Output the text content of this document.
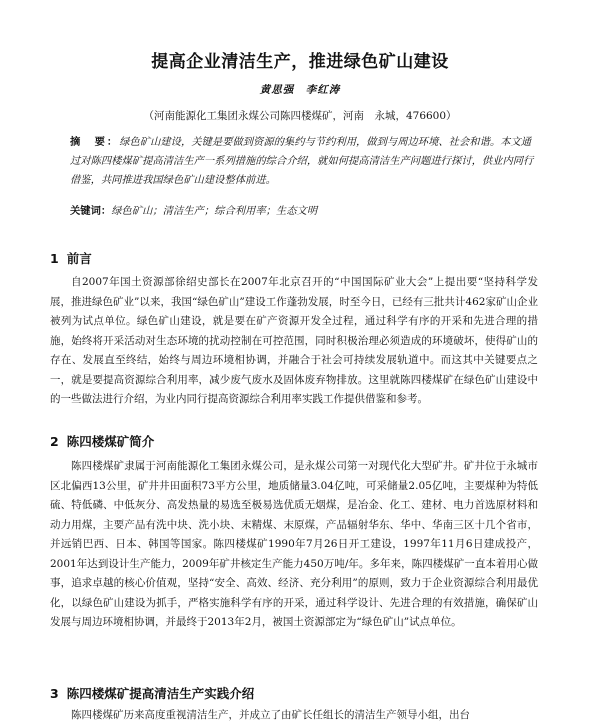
提高企业清洁生产，推进绿色矿山建设
黄思强　李红涛
（河南能源化工集团永煤公司陈四楼煤矿，河南　永城，476600）
摘　要：绿色矿山建设，关键是要做到资源的集约与节约利用，做到与周边环境、社会和谐。本文通过对陈四楼煤矿提高清洁生产一系列措施的综合介绍，就如何提高清洁生产问题进行探讨，供业内同行借鉴，共同推进我国绿色矿山建设整体前进。
关键词：绿色矿山；清洁生产；综合利用率；生态文明
1 前言
自2007年国土资源部徐绍史部长在2007年北京召开的“中国国际矿业大会”上提出要“坚持科学发展，推进绿色矿业”以来，我国“绿色矿山”建设工作蓬勃发展，时至今日，已经有三批共计462家矿山企业被列为试点单位。绿色矿山建设，就是要在矿产资源开发全过程，通过科学有序的开采和先进合理的措施，始终将开采活动对生态环境的扰动控制在可控范围，同时积极治理必须造成的环境破坏，使得矿山的存在、发展直至终结，始终与周边环境相协调，并融合于社会可持续发展轨道中。而这其中关键要点之一，就是要提高资源综合利用率，减少废气废水及固体废弃物排放。这里就陈四楼煤矿在绿色矿山建设中的一些做法进行介绍，为业内同行提高资源综合利用率实践工作提供借鉴和参考。
2 陈四楼煤矿简介
陈四楼煤矿隶属于河南能源化工集团永煤公司，是永煤公司第一对现代化大型矿井。矿井位于永城市区北偏西13公里，矿井井田面积73平方公里，地质储量3.04亿吨，可采储量2.05亿吨，主要煤种为特低硫、特低磷、中低灰分、高发热量的易选至极易选优质无烟煤，是冶金、化工、建材、电力首选原材料和动力用煤，主要产品有洗中块、洗小块、末精煤、末原煤，产品辐射华东、华中、华南三区十几个省市，并远销巴西、日本、韩国等国家。陈四楼煤矿1990年7月26日开工建设，1997年11月6日建成投产，2001年达到设计生产能力，2009年矿井核定生产能力450万吨/年。多年来，陈四楼煤矿一直本着用心做事，追求卓越的核心价值观，坚持“安全、高效、经济、充分利用”的原则，致力于企业资源综合利用最优化，以绿色矿山建设为抓手，严格实施科学有序的开采，通过科学设计、先进合理的有效措施，确保矿山发展与周边环境相协调，并最终于2013年2月，被国土资源部定为“绿色矿山”试点单位。
3 陈四楼煤矿提高清洁生产实践介绍
陈四楼煤矿历来高度重视清洁生产，并成立了由矿长任组长的清洁生产领导小组，出台
